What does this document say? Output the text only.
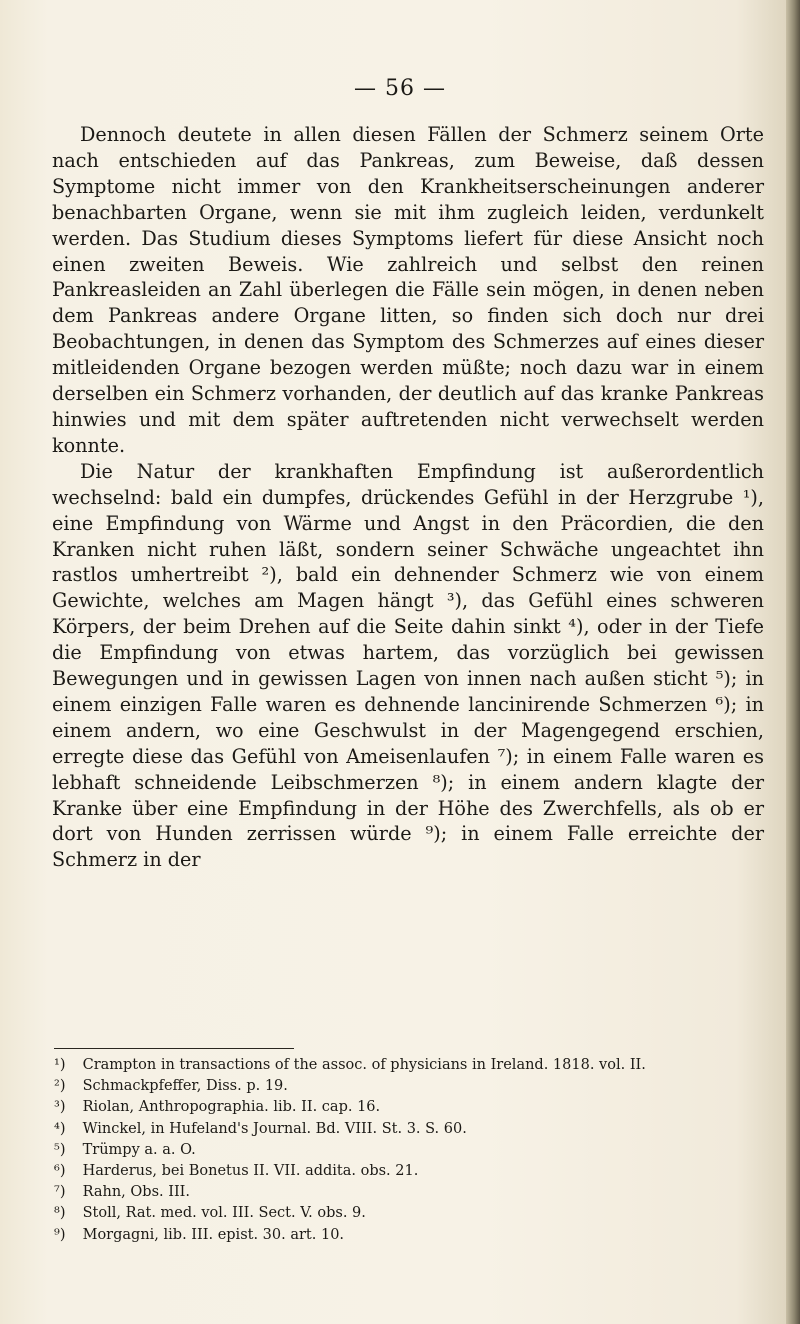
— 56 —

Dennoch deutete in allen diesen Fällen der Schmerz seinem Orte nach entschieden auf das Pankreas, zum Beweise, daß dessen Symptome nicht immer von den Krankheitserscheinungen anderer benachbarten Organe, wenn sie mit ihm zugleich leiden, verdunkelt werden. Das Studium dieses Symptoms liefert für diese Ansicht noch einen zweiten Beweis. Wie zahlreich und selbst den reinen Pankreasleiden an Zahl überlegen die Fälle sein mögen, in denen neben dem Pankreas andere Organe litten, so finden sich doch nur drei Beobachtungen, in denen das Symptom des Schmerzes auf eines dieser mitleidenden Organe bezogen werden müßte; noch dazu war in einem derselben ein Schmerz vorhanden, der deutlich auf das kranke Pankreas hinwies und mit dem später auftretenden nicht verwechselt werden konnte.

Die Natur der krankhaften Empfindung ist außerordentlich wechselnd: bald ein dumpfes, drückendes Gefühl in der Herzgrube ¹), eine Empfindung von Wärme und Angst in den Präcordien, die den Kranken nicht ruhen läßt, sondern seiner Schwäche ungeachtet ihn rastlos umhertreibt ²), bald ein dehnender Schmerz wie von einem Gewichte, welches am Magen hängt ³), das Gefühl eines schweren Körpers, der beim Drehen auf die Seite dahin sinkt ⁴), oder in der Tiefe die Empfindung von etwas hartem, das vorzüglich bei gewissen Bewegungen und in gewissen Lagen von innen nach außen sticht ⁵); in einem einzigen Falle waren es dehnende lancinirende Schmerzen ⁶); in einem andern, wo eine Geschwulst in der Magengegend erschien, erregte diese das Gefühl von Ameisenlaufen ⁷); in einem Falle waren es lebhaft schneidende Leibschmerzen ⁸); in einem andern klagte der Kranke über eine Empfindung in der Höhe des Zwerchfells, als ob er dort von Hunden zerrissen würde ⁹); in einem Falle erreichte der Schmerz in der

¹) Crampton in transactions of the assoc. of physicians in Ireland. 1818. vol. II.
²) Schmackpfeffer, Diss. p. 19.
³) Riolan, Anthropographia. lib. II. cap. 16.
⁴) Winckel, in Hufeland's Journal. Bd. VIII. St. 3. S. 60.
⁵) Trümpy a. a. O.
⁶) Harderus, bei Bonetus II. VII. addita. obs. 21.
⁷) Rahn, Obs. III.
⁸) Stoll, Rat. med. vol. III. Sect. V. obs. 9.
⁹) Morgagni, lib. III. epist. 30. art. 10.
